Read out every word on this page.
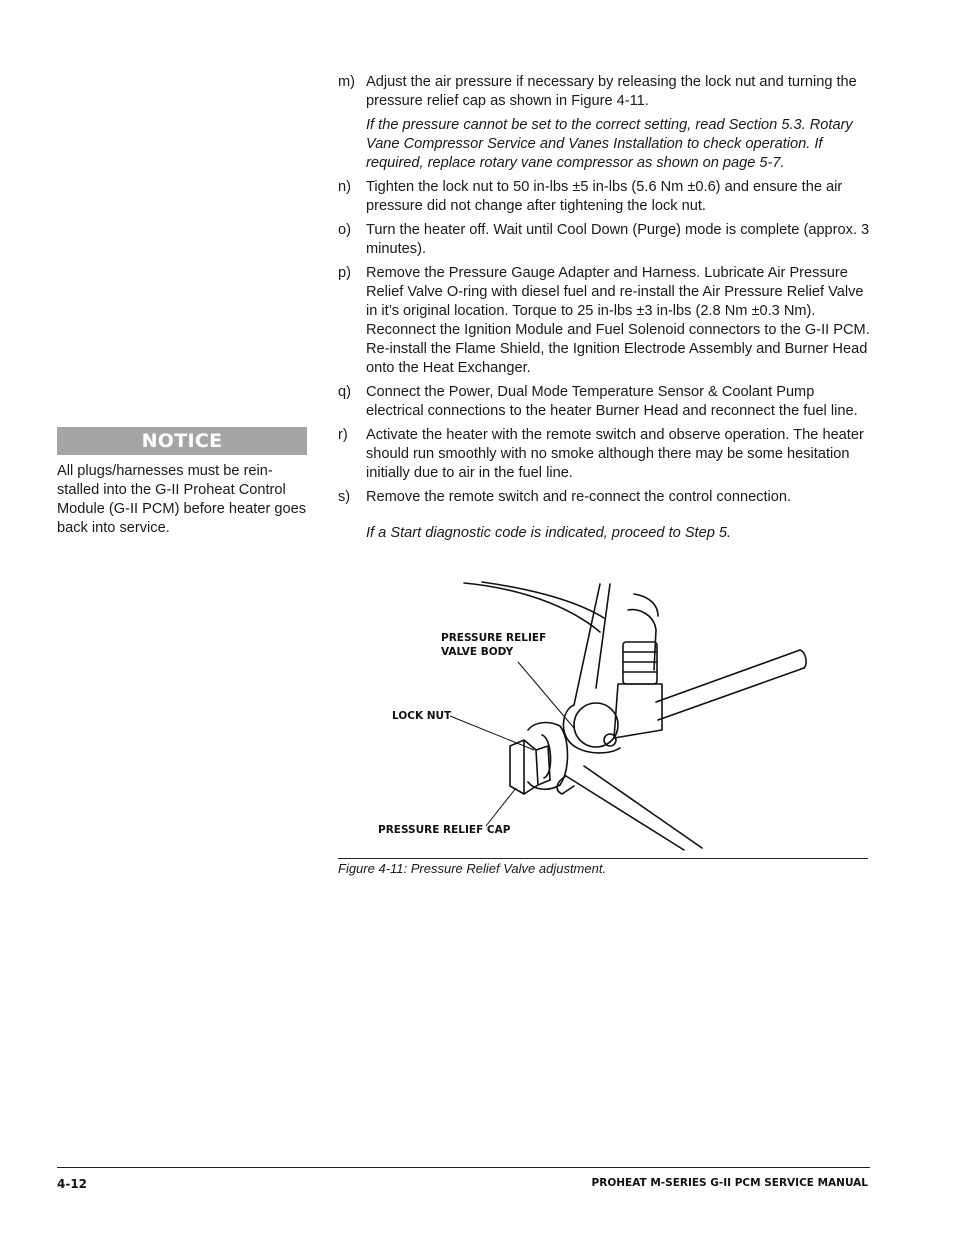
NOTICE
All plugs/harnesses must be rein-stalled into the G-II Proheat Control Module (G-II PCM) before heater goes back into service.
m) Adjust the air pressure if necessary by releasing the lock nut and turning the pressure relief cap as shown in Figure 4-11.
If the pressure cannot be set to the correct setting, read Section 5.3. Rotary Vane Compressor Service and Vanes Installation to check operation. If required, replace rotary vane compressor as shown on page 5-7.
n)	Tighten the lock nut to 50 in-lbs ±5 in-lbs (5.6 Nm ±0.6) and ensure the air pressure did not change after tightening the lock nut.
o)	Turn the heater off. Wait until Cool Down (Purge) mode is complete (approx. 3 minutes).
p)	Remove the Pressure Gauge Adapter and Harness. Lubricate Air Pressure Relief Valve O-ring with diesel fuel and re-install the Air Pressure Relief Valve in it’s original location. Torque to 25 in-lbs ±3 in-lbs (2.8 Nm ±0.3 Nm). Reconnect the Ignition Module and Fuel Solenoid connectors to the G-II PCM. Re-install the Flame Shield, the Ignition Electrode Assembly and Burner Head onto the Heat Exchanger.
q)	Connect the Power, Dual Mode Temperature Sensor & Coolant Pump electrical connections to the heater Burner Head and reconnect the fuel line.
r)	Activate the heater with the remote switch and observe operation. The heater should run smoothly with no smoke although there may be some hesitation initially due to air in the fuel line.
s)	Remove the remote switch and re-connect the control connection.
If a Start diagnostic code is indicated, proceed to Step 5.
PRESSURE RELIEF
VALVE BODY
LOCK NUT
PRESSURE RELIEF CAP
Figure 4-11: Pressure Relief Valve adjustment.
4-12	PROHEAT M-SERIES G-II PCM SERVICE MANUAL
